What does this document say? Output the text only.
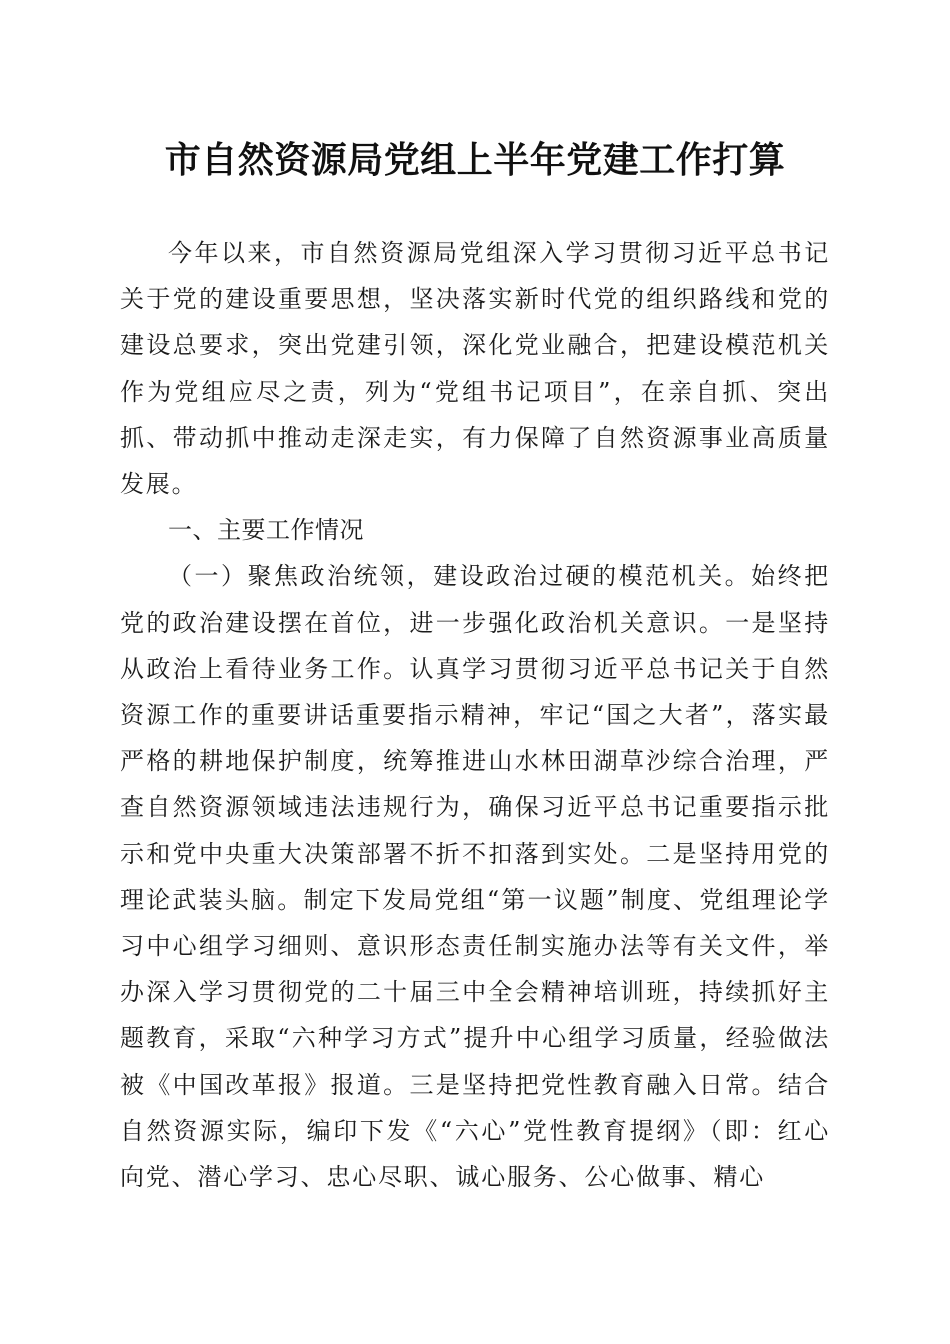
市自然资源局党组上半年党建工作打算

今年以来，市自然资源局党组深入学习贯彻习近平总书记关于党的建设重要思想，坚决落实新时代党的组织路线和党的建设总要求，突出党建引领，深化党业融合，把建设模范机关作为党组应尽之责，列为“党组书记项目”，在亲自抓、突出抓、带动抓中推动走深走实，有力保障了自然资源事业高质量发展。

一、主要工作情况

（一）聚焦政治统领，建设政治过硬的模范机关。始终把党的政治建设摆在首位，进一步强化政治机关意识。一是坚持从政治上看待业务工作。认真学习贯彻习近平总书记关于自然资源工作的重要讲话重要指示精神，牢记“国之大者”，落实最严格的耕地保护制度，统筹推进山水林田湖草沙综合治理，严查自然资源领域违法违规行为，确保习近平总书记重要指示批示和党中央重大决策部署不折不扣落到实处。二是坚持用党的理论武装头脑。制定下发局党组“第一议题”制度、党组理论学习中心组学习细则、意识形态责任制实施办法等有关文件，举办深入学习贯彻党的二十届三中全会精神培训班，持续抓好主题教育，采取“六种学习方式”提升中心组学习质量，经验做法被《中国改革报》报道。三是坚持把党性教育融入日常。结合自然资源实际，编印下发《“六心”党性教育提纲》（即：红心向党、潜心学习、忠心尽职、诚心服务、公心做事、精心
